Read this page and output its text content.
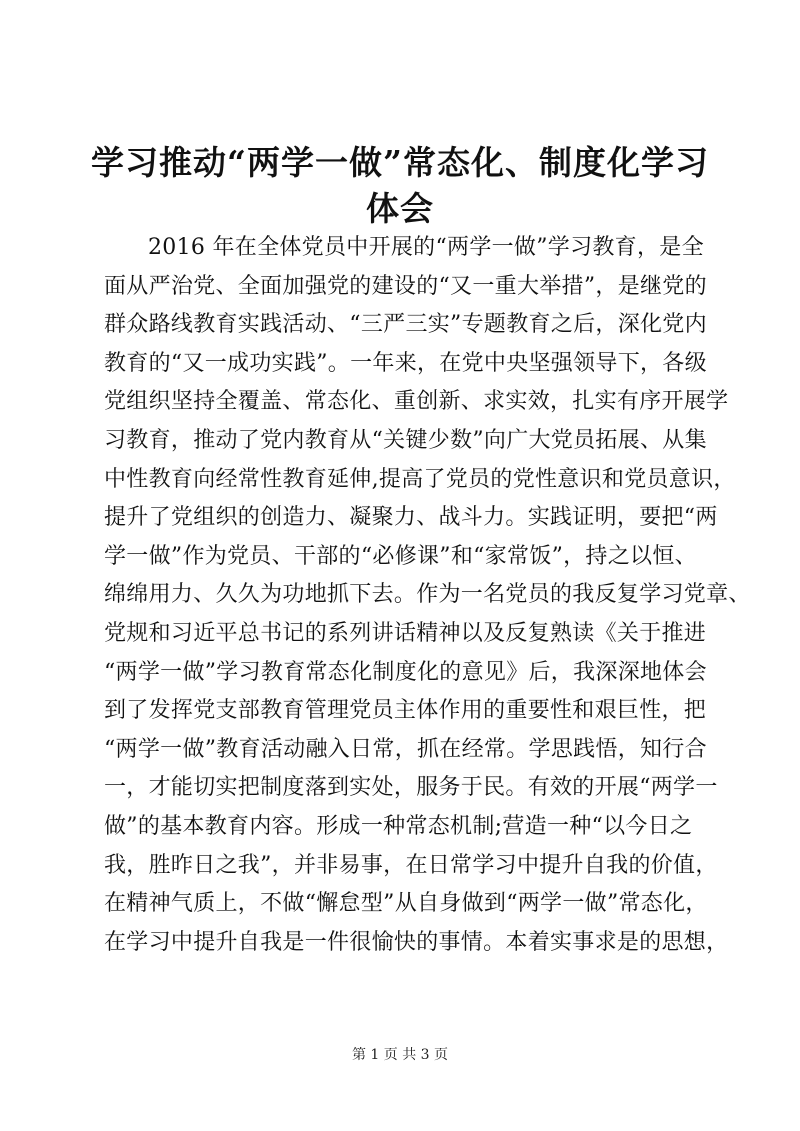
学习推动“两学一做”常态化、制度化学习体会
2016 年在全体党员中开展的“两学一做”学习教育，是全
面从严治党、全面加强党的建设的“又一重大举措”，是继党的
群众路线教育实践活动、“三严三实”专题教育之后，深化党内
教育的“又一成功实践”。一年来，在党中央坚强领导下，各级
党组织坚持全覆盖、常态化、重创新、求实效，扎实有序开展学
习教育，推动了党内教育从“关键少数”向广大党员拓展、从集
中性教育向经常性教育延伸,提高了党员的党性意识和党员意识，
提升了党组织的创造力、凝聚力、战斗力。实践证明，要把“两
学一做”作为党员、干部的“必修课”和“家常饭”，持之以恒、
绵绵用力、久久为功地抓下去。作为一名党员的我反复学习党章、
党规和习近平总书记的系列讲话精神以及反复熟读《关于推进
“两学一做”学习教育常态化制度化的意见》后，我深深地体会
到了发挥党支部教育管理党员主体作用的重要性和艰巨性，把
“两学一做”教育活动融入日常，抓在经常。学思践悟，知行合
一，才能切实把制度落到实处，服务于民。有效的开展“两学一
做”的基本教育内容。形成一种常态机制;营造一种“以今日之
我，胜昨日之我”，并非易事，在日常学习中提升自我的价值，
在精神气质上，不做“懈怠型”从自身做到“两学一做”常态化，
在学习中提升自我是一件很愉快的事情。本着实事求是的思想，
第 1 页 共 3 页
